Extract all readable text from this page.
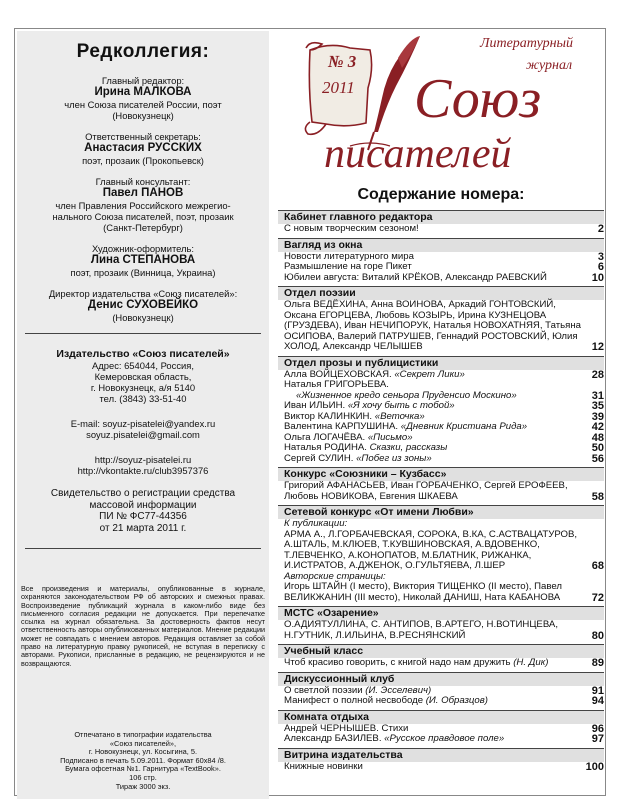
Редколлегия:
Главный редактор:
Ирина МАЛКОВА
член Союза писателей России, поэт
(Новокузнецк)
Ответственный секретарь:
Анастасия РУССКИХ
поэт, прозаик (Прокопьевск)
Главный консультант:
Павел ПАНОВ
член Правления Российского межрегио-
нального Союза писателей, поэт, прозаик
(Санкт-Петербург)
Художник-оформитель:
Лина СТЕПАНОВА
поэт, прозаик (Винница, Украина)
Директор издательства «Союз писателей»:
Денис СУХОВЕЙКО
(Новокузнецк)
Издательство «Союз писателей»
Адрес: 654044, Россия,
Кемеровская область,
г. Новокузнецк, а/я 5140
тел. (3843) 33-51-40
E-mail: soyuz-pisatelei@yandex.ru
soyuz.pisatelei@gmail.com
http://soyuz-pisatelei.ru
http://vkontakte.ru/club3957376
Свидетельство о регистрации средства
массовой информации
ПИ № ФС77-44356
от 21 марта 2011 г.
Все произведения и материалы, опубликованные в журнале, охраняются законодательством РФ об авторских и смежных правах. Воспроизведение публикаций журнала в каком-либо виде без письменного согласия редакции не допускается. При перепечатке ссылка на журнал обязательна. За достоверность фактов несут ответственность авторы опубликованных материалов. Мнение редакции может не совпадать с мнением авторов. Редакция оставляет за собой право на литературную правку рукописей, не вступая в переписку с авторами. Рукописи, присланные в редакцию, не рецензируются и не возвращаются.
Отпечатано в типографии издательства
«Союз писателей»,
г. Новокузнецк, ул. Косыгина, 5.
Подписано в печать 5.09.2011. Формат 60х84 /8.
Бумага офсетная №1. Гарнитура «TextBook».
106 стр.
Тираж 3000 экз.
№ 3
2011
Литературный
журнал
Союз
писателей
Содержание номера:
Кабинет главного редактора
С новым творческим сезоном!	2
Вагляд из окна
Новости литературного мира	3
Размышление на горе Пикет	6
Юбилеи августа: Виталий КРЁКОВ, Александр РАЕВСКИЙ	10
Отдел поэзии
Ольга ВЕДЁХИНА, Анна ВОИНОВА, Аркадий ГОНТОВСКИЙ, Оксана ЕГОРЦЕВА, Любовь КОЗЫРЬ, Ирина КУЗНЕЦОВА (ГРУЗДЕВА), Иван НЕЧИПОРУК, Наталья НОВОХАТНЯЯ, Татьяна ОСИПОВА, Валерий ПАТРУШЕВ, Геннадий РОСТОВСКИЙ, Юлия ХОЛОД, Александр ЧЕЛЫШЕВ	12
Отдел прозы и публицистики
Алла ВОЙЦЕХОВСКАЯ. «Секрет Лики»	28
Наталья ГРИГОРЬЕВА.
«Жизненное кредо сеньора Пруденсио Москино»	31
Иван ИЛЬИН. «Я хочу быть с тобой»	35
Виктор КАЛИНКИН. «Веточка»	39
Валентина КАРПУШИНА. «Дневник Кристиана Рида»	42
Ольга ЛОГАЧЁВА. «Письмо»	48
Наталья РОДИНА. Сказки, рассказы	50
Сергей СУЛИН. «Побег из зоны»	56
Конкурс «Союзники – Кузбасс»
Григорий АФАНАСЬЕВ, Иван ГОРБАЧЕНКО, Сергей ЕРОФЕЕВ, Любовь НОВИКОВА, Евгения ШКАЕВА	58
Сетевой конкурс «От имени Любви»
К публикации:
АРМА А., Л.ГОРБАЧЕВСКАЯ, СОРОКА, В.КА, С.АСТВАЦАТУРОВ, А.ШТАЛЬ, М.КЛЮЕВ, Т.КУВШИНОВСКАЯ, А.ВДОВЕНКО, Т.ЛЕВЧЕНКО, А.КОНОПАТОВ, М.БЛАТНИК, РИЖАНКА, И.ИСТРАТОВ, А.ДЖЕНОК, О.ГУЛЬТЯЕВА, Л.ШЕР	68
Авторские страницы:
Игорь ШТАЙН (I место), Виктория ТИЩЕНКО (II место), Павел ВЕЛИКЖАНИН (III место), Николай ДАНИШ, Ната КАБАНОВА	72
МСТС «Озарение»
О.АДИЯТУЛЛИНА, С. АНТИПОВ, В.АРТЕГО, Н.ВОТИНЦЕВА, Н.ГУТНИК, Л.ИЛЬИНА, В.РЕСНЯНСКИЙ	80
Учебный класс
Чтоб красиво говорить, с книгой надо нам дружить (Н. Дик)	89
Дискуссионный клуб
О светлой поэзии (И. Эсселевич)	91
Манифест о полной несвободе (И. Образцов)	94
Комната отдыха
Андрей ЧЕРНЫШЕВ. Стихи	96
Александр БАЗИЛЕВ. «Русское правдовое поле»	97
Витрина издательства
Книжные новинки	100
